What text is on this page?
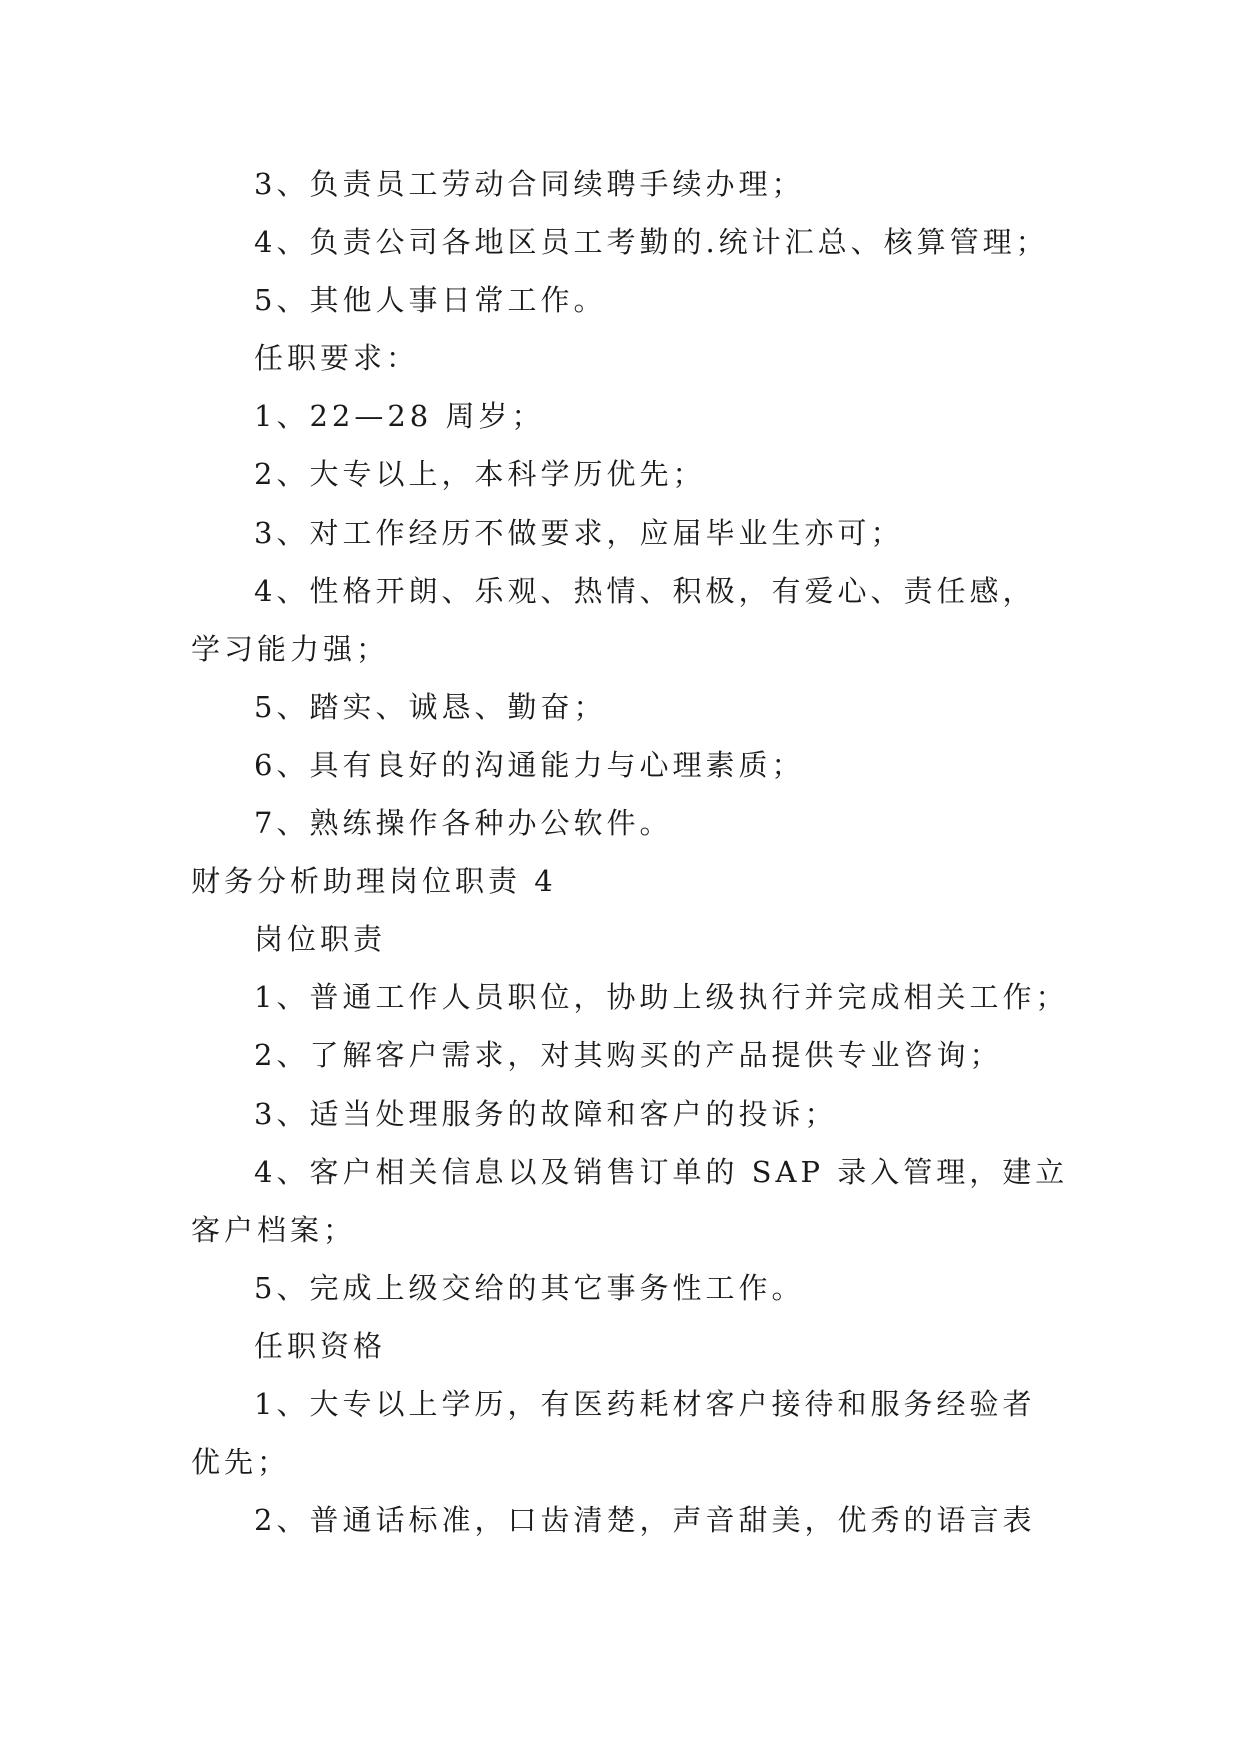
3、负责员工劳动合同续聘手续办理；
4、负责公司各地区员工考勤的.统计汇总、核算管理；
5、其他人事日常工作。
任职要求：
1、22—28 周岁；
2、大专以上，本科学历优先；
3、对工作经历不做要求，应届毕业生亦可；
4、性格开朗、乐观、热情、积极，有爱心、责任感，
学习能力强；
5、踏实、诚恳、勤奋；
6、具有良好的沟通能力与心理素质；
7、熟练操作各种办公软件。
财务分析助理岗位职责 4
岗位职责
1、普通工作人员职位，协助上级执行并完成相关工作；
2、了解客户需求，对其购买的产品提供专业咨询；
3、适当处理服务的故障和客户的投诉；
4、客户相关信息以及销售订单的 SAP 录入管理，建立
客户档案；
5、完成上级交给的其它事务性工作。
任职资格
1、大专以上学历，有医药耗材客户接待和服务经验者
优先；
2、普通话标准，口齿清楚，声音甜美，优秀的语言表
